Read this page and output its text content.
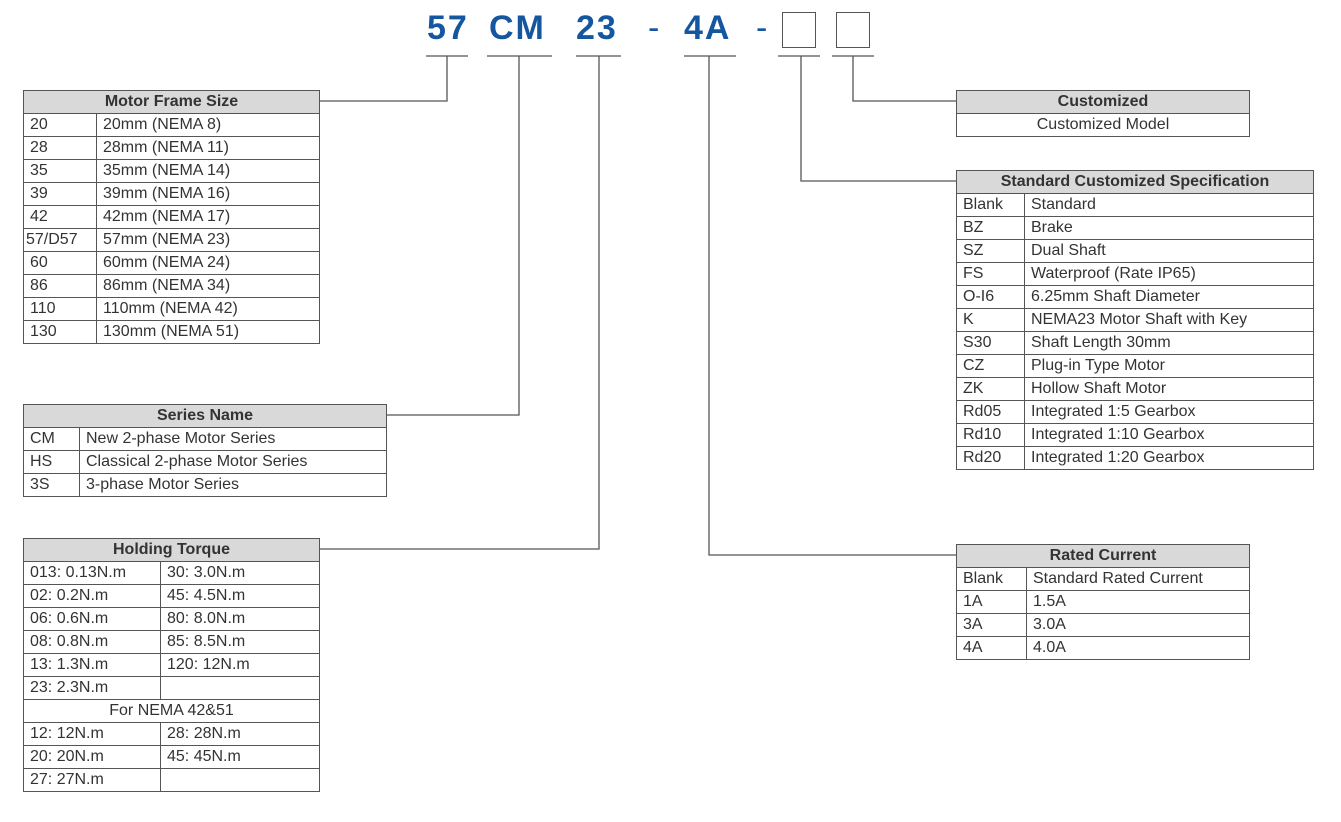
57 CM 23 - 4A -
Motor Frame Size	
20	20mm (NEMA 8)
28	28mm (NEMA 11)
35	35mm (NEMA 14)
39	39mm (NEMA 16)
42	42mm (NEMA 17)
57/D57	57mm (NEMA 23)
60	60mm (NEMA 24)
86	86mm (NEMA 34)
110	110mm (NEMA 42)
130	130mm (NEMA 51)
Series Name	
CM	New 2-phase Motor Series
HS	Classical 2-phase Motor Series
3S	3-phase Motor Series
Holding Torque	
013: 0.13N.m	30: 3.0N.m
02: 0.2N.m	45: 4.5N.m
06: 0.6N.m	80: 8.0N.m
08: 0.8N.m	85: 8.5N.m
13: 1.3N.m	120: 12N.m
23: 2.3N.m	
For NEMA 42&51	
12: 12N.m	28: 28N.m
20: 20N.m	45: 45N.m
27: 27N.m	
Customized
Customized Model
Standard Customized Specification	
Blank	Standard
BZ	Brake
SZ	Dual Shaft
FS	Waterproof (Rate IP65)
O-I6	6.25mm Shaft Diameter
K	NEMA23 Motor Shaft with Key
S30	Shaft Length 30mm
CZ	Plug-in Type Motor
ZK	Hollow Shaft Motor
Rd05	Integrated 1:5 Gearbox
Rd10	Integrated 1:10 Gearbox
Rd20	Integrated 1:20 Gearbox
Rated Current	
Blank	Standard Rated Current
1A	1.5A
3A	3.0A
4A	4.0A
